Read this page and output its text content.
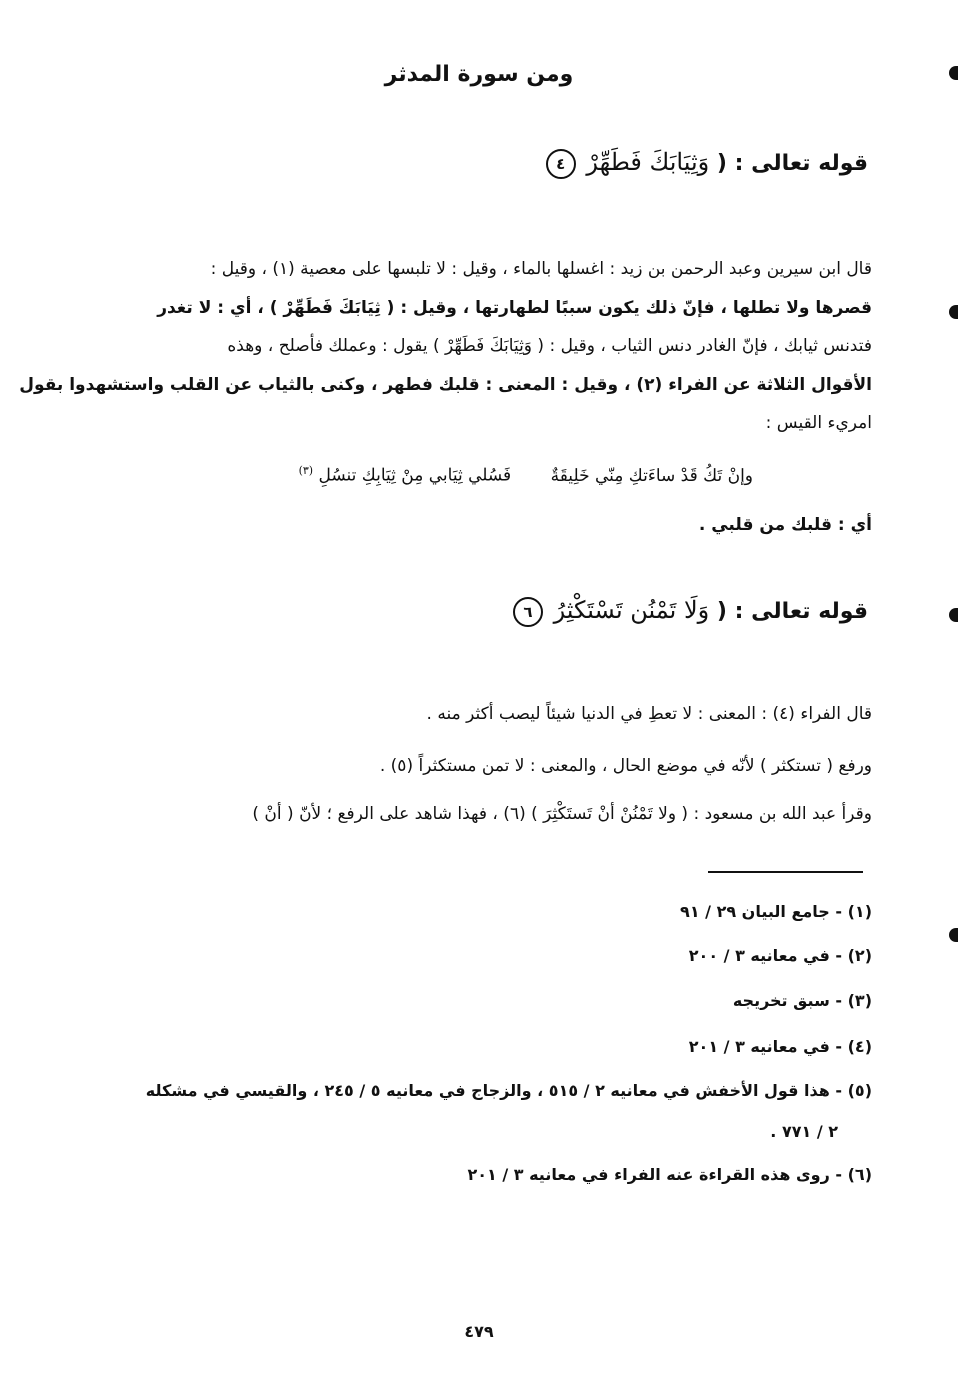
ومن سورة المدثر
قوله تعالى : ( وَثِيَابَكَ فَطَهِّرْ ٤
قال ابن سيرين وعبد الرحمن بن زيد : اغسلها بالماء ، وقيل : لا تلبسها على معصية (١) ، وقيل :
قصرها ولا تطلها ، فإنّ ذلك يكون سببًا لطهارتها ، وقيل : ( ثِيَابَكَ فَطَهِّرْ ) ، أي : لا تغدر
فتدنس ثيابك ، فإنّ الغادر دنس الثياب ، وقيل : ( وَثِيَابَكَ فَطَهِّرْ ) يقول : وعملك فأصلح ، وهذه
الأقوال الثلاثة عن الفراء (٢) ، وقيل : المعنى : قلبك فطهر ، وكنى بالثياب عن القلب واستشهدوا بقول
امريء القيس :
وإنْ تَكُ قَدْ ساءَتكِ مِنّي خَلِيقَةٌ فَسُلي ثِيَابي مِنْ ثِيَابِكِ تنسُلِ $^{(٣)}$
أي : قلبك من قلبي .
قوله تعالى : ( وَلَا تَمْنُن تَسْتَكْثِرُ ٦
قال الفراء (٤) : المعنى : لا تعطِ في الدنيا شيئاً ليصب أكثر منه .
ورفع ( تستكثر ) لأنّه في موضع الحال ، والمعنى : لا تمن مستكثراً (٥) .
وقرأ عبد الله بن مسعود : ( ولا تَمْنُنْ أنْ تَستَكْثِرَ ) (٦) ، فهذا شاهد على الرفع ؛ لأنّ ( أنْ )
(١) - جامع البيان ٢٩ / ٩١
(٢) - في معانيه ٣ / ٢٠٠
(٣) - سبق تخريجه
(٤) - في معانيه ٣ / ٢٠١
(٥) - هذا قول الأخفش في معانيه ٢ / ٥١٥ ، والزجاج في معانيه ٥ / ٢٤٥ ، والقيسي في مشكله
٢ / ٧٧١ .
(٦) - روى هذه القراءة عنه الفراء في معانيه ٣ / ٢٠١
٤٧٩
